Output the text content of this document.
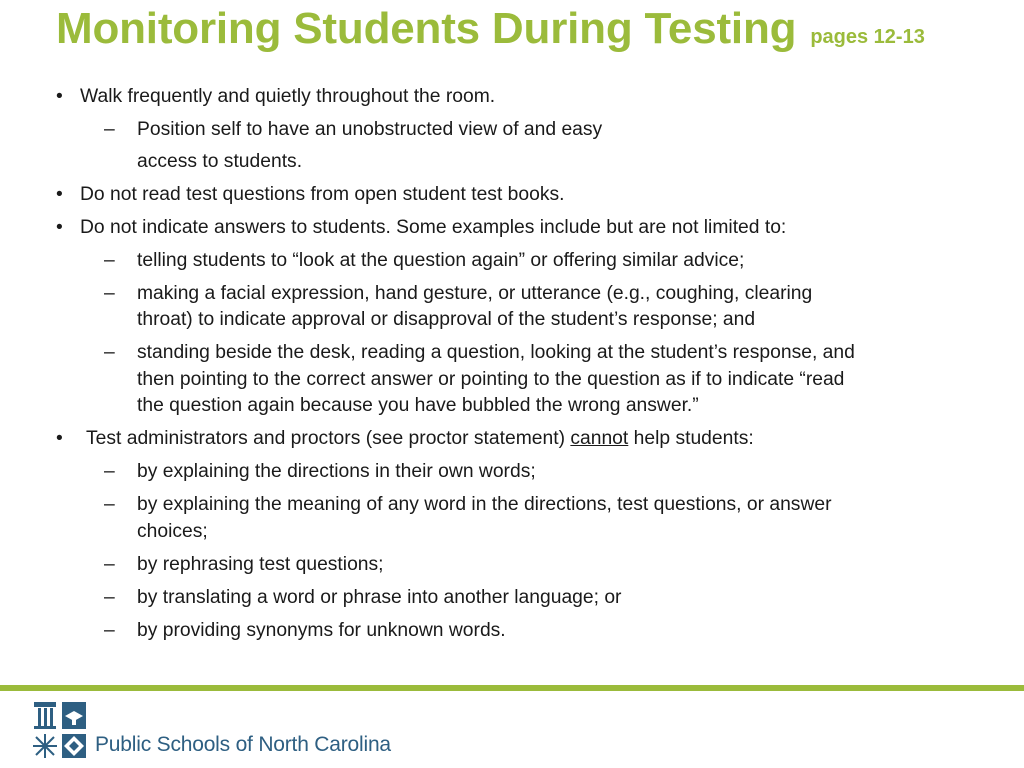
Monitoring Students During Testing pages 12-13
• Walk frequently and quietly throughout the room.
– Position self to have an unobstructed view of and easy
access to students.
• Do not read test questions from open student test books.
• Do not indicate answers to students. Some examples include but are not limited to:
– telling students to “look at the question again” or offering similar advice;
– making a facial expression, hand gesture, or utterance (e.g., coughing, clearing
throat) to indicate approval or disapproval of the student’s response; and
– standing beside the desk, reading a question, looking at the student’s response, and
then pointing to the correct answer or pointing to the question as if to indicate “read
the question again because you have bubbled the wrong answer.”
• Test administrators and proctors (see proctor statement) cannot help students:
– by explaining the directions in their own words;
– by explaining the meaning of any word in the directions, test questions, or answer
choices;
– by rephrasing test questions;
– by translating a word or phrase into another language; or
– by providing synonyms for unknown words.
Public Schools of North Carolina
